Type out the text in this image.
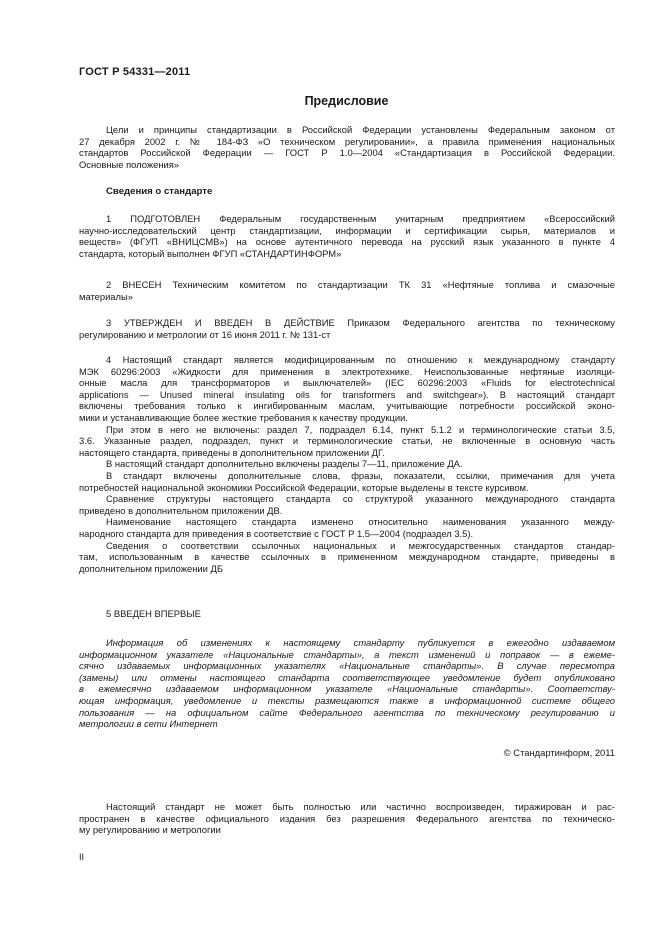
ГОСТ Р 54331—2011
Предисловие
Цели и принципы стандартизации в Российской Федерации установлены Федеральным законом от
27 декабря 2002 г. № 184-ФЗ «О техническом регулировании», а правила применения национальных
стандартов Российской Федерации — ГОСТ Р 1.0—2004 «Стандартизация в Российской Федерации.
Основные положения»
Сведения о стандарте
1 ПОДГОТОВЛЕН Федеральным государственным унитарным предприятием «Всероссийский
научно-исследовательский центр стандартизации, информации и сертификации сырья, материалов и
веществ» (ФГУП «ВНИЦСМВ») на основе аутентичного перевода на русский язык указанного в пункте 4
стандарта, который выполнен ФГУП «СТАНДАРТИНФОРМ»
2 ВНЕСЕН Техническим комитетом по стандартизации ТК 31 «Нефтяные топлива и смазочные
материалы»
3 УТВЕРЖДЕН И ВВЕДЕН В ДЕЙСТВИЕ Приказом Федерального агентства по техническому
регулированию и метрологии от 16 июня 2011 г. № 131-ст
4 Настоящий стандарт является модифицированным по отношению к международному стандарту
МЭК 60296:2003 «Жидкости для применения в электротехнике. Неиспользованные нефтяные изоляци-
онные масла для трансформаторов и выключателей» (IEC 60296:2003 «Fluids for electrotechnical
applications — Unused mineral insulating oils for transformers and switchgear»). В настоящий стандарт
включены требования только к ингибированным маслам, учитывающие потребности российской эконо-
мики и устанавливающие более жесткие требования к качеству продукции.
При этом в него не включены: раздел 7, подраздел 6.14, пункт 5.1.2 и терминологические статьи 3.5,
3.6. Указанные раздел, подраздел, пункт и терминологические статьи, не включенные в основную часть
настоящего стандарта, приведены в дополнительном приложении ДГ.
В настоящий стандарт дополнительно включены разделы 7—11, приложение ДА.
В стандарт включены дополнительные слова, фразы, показатели, ссылки, примечания для учета
потребностей национальной экономики Российской Федерации, которые выделены в тексте курсивом.
Сравнение структуры настоящего стандарта со структурой указанного международного стандарта
приведено в дополнительном приложении ДВ.
Наименование настоящего стандарта изменено относительно наименования указанного между-
народного стандарта для приведения в соответствие с ГОСТ Р 1.5—2004 (подраздел 3.5).
Сведения о соответствии ссылочных национальных и межгосударственных стандартов стандар-
там, использованным в качестве ссылочных в примененном международном стандарте, приведены в
дополнительном приложении ДБ
5 ВВЕДЕН ВПЕРВЫЕ
Информация об изменениях к настоящему стандарту публикуется в ежегодно издаваемом
информационном указателе «Национальные стандарты», а текст изменений и поправок — в ежеме-
сячно издаваемых информационных указателях «Национальные стандарты». В случае пересмотра
(замены) или отмены настоящего стандарта соответствующее уведомление будет опубликовано
в ежемесячно издаваемом информационном указателе «Национальные стандарты». Соответству-
ющая информация, уведомление и тексты размещаются также в информационной системе общего
пользования — на официальном сайте Федерального агентства по техническому регулированию и
метрологии в сети Интернет
© Стандартинформ, 2011
Настоящий стандарт не может быть полностью или частично воспроизведен, тиражирован и рас-
пространен в качестве официального издания без разрешения Федерального агентства по техническо-
му регулированию и метрологии
II
